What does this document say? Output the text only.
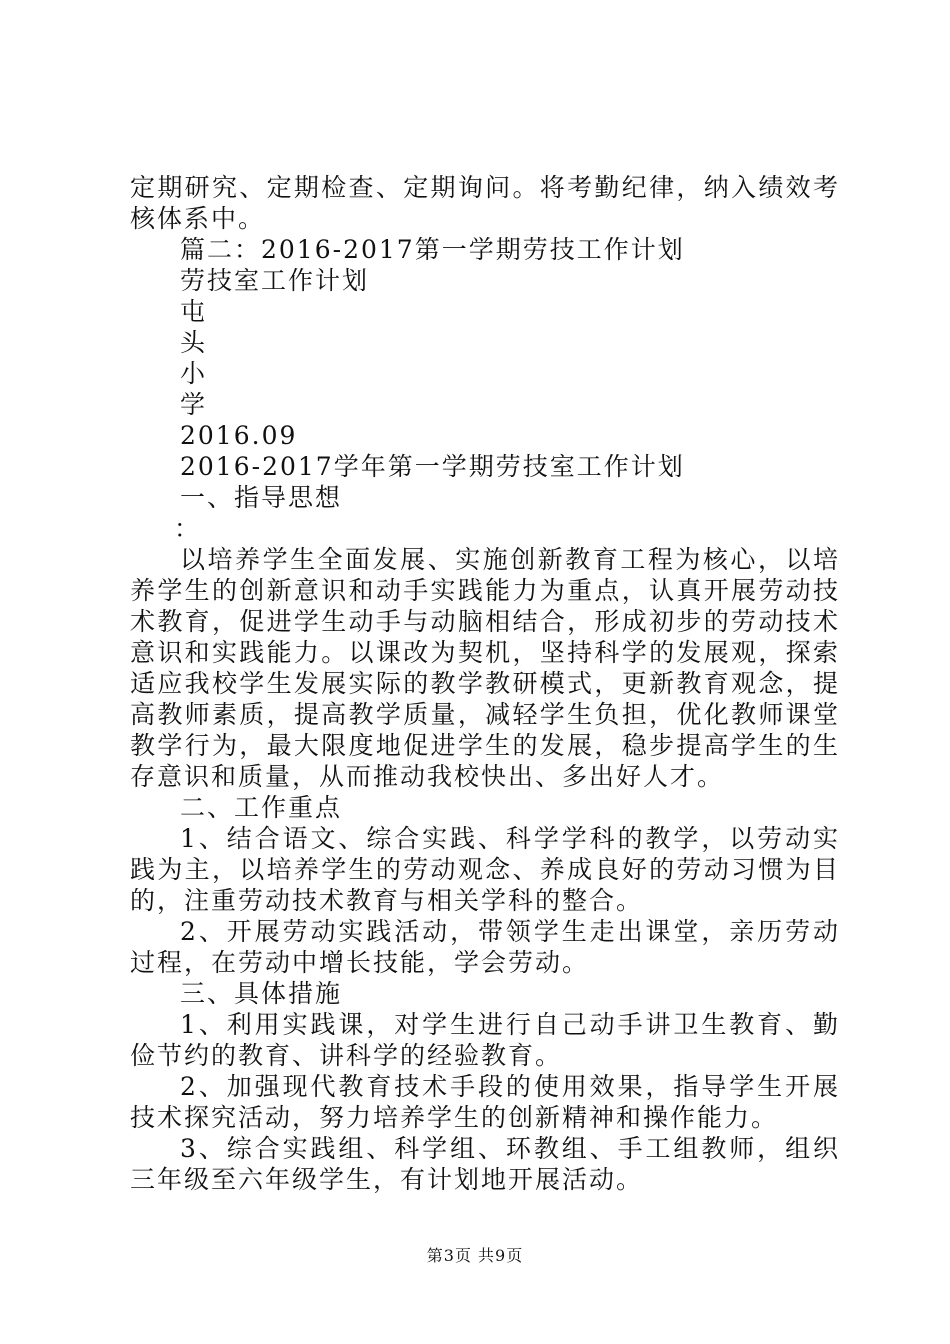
定期研究、定期检查、定期询问。将考勤纪律，纳入绩效考核体系中。

篇二：2016-2017第一学期劳技工作计划

劳技室工作计划

屯

头

小

学

2016.09

2016-2017学年第一学期劳技室工作计划

一、指导思想

：

以培养学生全面发展、实施创新教育工程为核心，以培养学生的创新意识和动手实践能力为重点，认真开展劳动技术教育，促进学生动手与动脑相结合，形成初步的劳动技术意识和实践能力。以课改为契机，坚持科学的发展观，探索适应我校学生发展实际的教学教研模式，更新教育观念，提高教师素质，提高教学质量，减轻学生负担，优化教师课堂教学行为，最大限度地促进学生的发展，稳步提高学生的生存意识和质量，从而推动我校快出、多出好人才。

二、工作重点

1、结合语文、综合实践、科学学科的教学，以劳动实践为主，以培养学生的劳动观念、养成良好的劳动习惯为目的，注重劳动技术教育与相关学科的整合。

2、开展劳动实践活动，带领学生走出课堂，亲历劳动过程，在劳动中增长技能，学会劳动。

三、具体措施

1、利用实践课，对学生进行自己动手讲卫生教育、勤俭节约的教育、讲科学的经验教育。

2、加强现代教育技术手段的使用效果，指导学生开展技术探究活动，努力培养学生的创新精神和操作能力。

3、综合实践组、科学组、环教组、手工组教师，组织三年级至六年级学生，有计划地开展活动。

第3页 共9页
